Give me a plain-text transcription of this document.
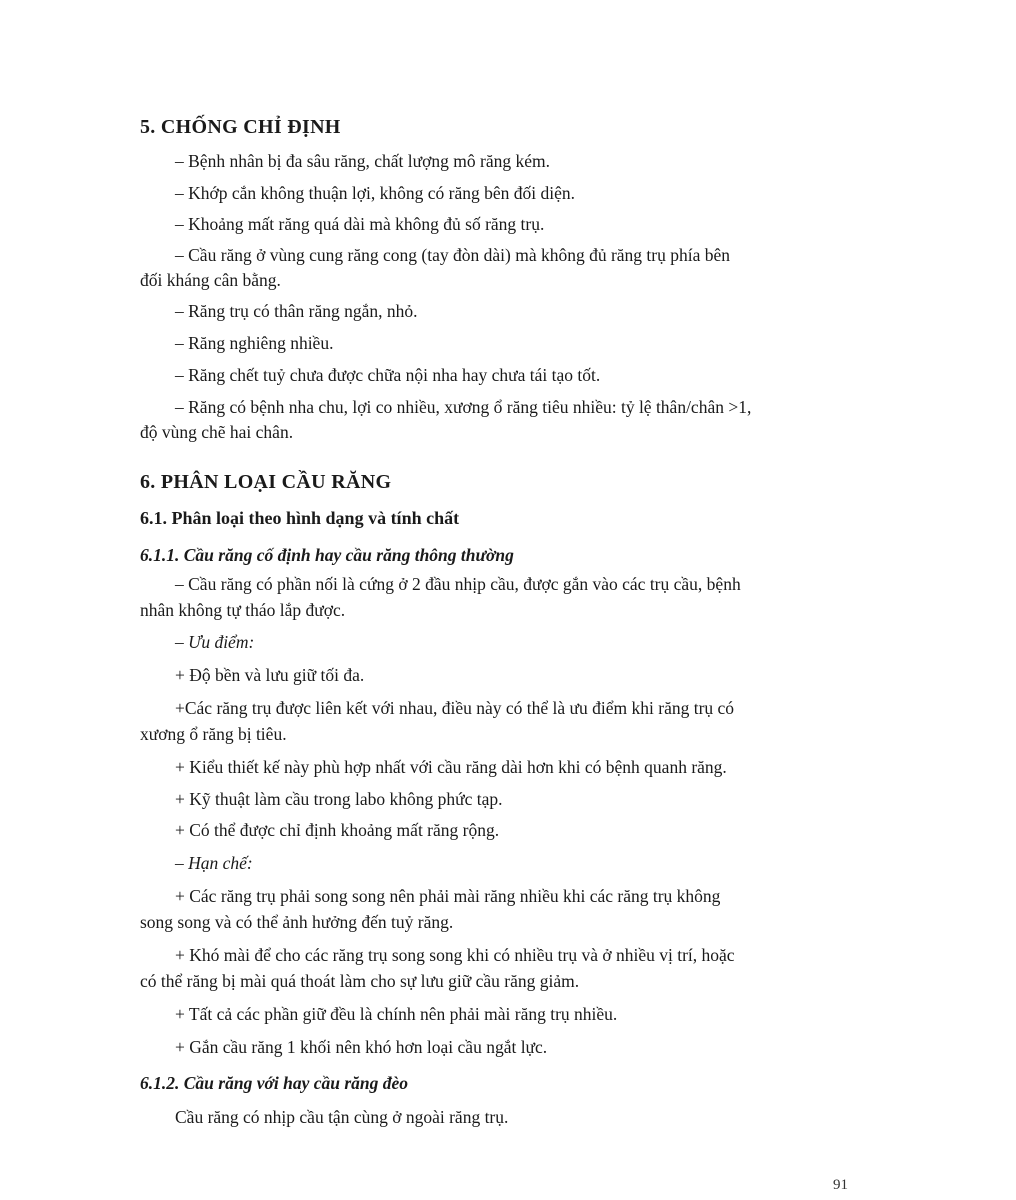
5. CHỐNG CHỈ ĐỊNH
– Bệnh nhân bị đa sâu răng, chất lượng mô răng kém.
– Khớp cắn không thuận lợi, không có răng bên đối diện.
– Khoảng mất răng quá dài mà không đủ số răng trụ.
– Cầu răng ở vùng cung răng cong (tay đòn dài) mà không đủ răng trụ phía bên
đối kháng cân bằng.
– Răng trụ có thân răng ngắn, nhỏ.
– Răng nghiêng nhiều.
– Răng chết tuỷ chưa được chữa nội nha hay chưa tái tạo tốt.
– Răng có bệnh nha chu, lợi co nhiều, xương ổ răng tiêu nhiều: tỷ lệ thân/chân >1,
độ vùng chẽ hai chân.
6. PHÂN LOẠI CẦU RĂNG
6.1. Phân loại theo hình dạng và tính chất
6.1.1. Cầu răng cố định hay cầu răng thông thường
– Cầu răng có phần nối là cứng ở 2 đầu nhịp cầu, được gắn vào các trụ cầu, bệnh
nhân không tự tháo lắp được.
– Ưu điểm:
+ Độ bền và lưu giữ tối đa.
+Các răng trụ được liên kết với nhau, điều này có thể là ưu điểm khi răng trụ có
xương ổ răng bị tiêu.
+ Kiểu thiết kế này phù hợp nhất với cầu răng dài hơn khi có bệnh quanh răng.
+ Kỹ thuật làm cầu trong labo không phức tạp.
+ Có thể được chỉ định khoảng mất răng rộng.
– Hạn chế:
+ Các răng trụ phải song song nên phải mài răng nhiều khi các răng trụ không
song song và có thể ảnh hưởng đến tuỷ răng.
+ Khó mài để cho các răng trụ song song khi có nhiều trụ và ở nhiều vị trí, hoặc
có thể răng bị mài quá thoát làm cho sự lưu giữ cầu răng giảm.
+ Tất cả các phần giữ đều là chính nên phải mài răng trụ nhiều.
+ Gắn cầu răng 1 khối nên khó hơn loại cầu ngắt lực.
6.1.2. Cầu răng với hay cầu răng đèo
Cầu răng có nhịp cầu tận cùng ở ngoài răng trụ.
91
